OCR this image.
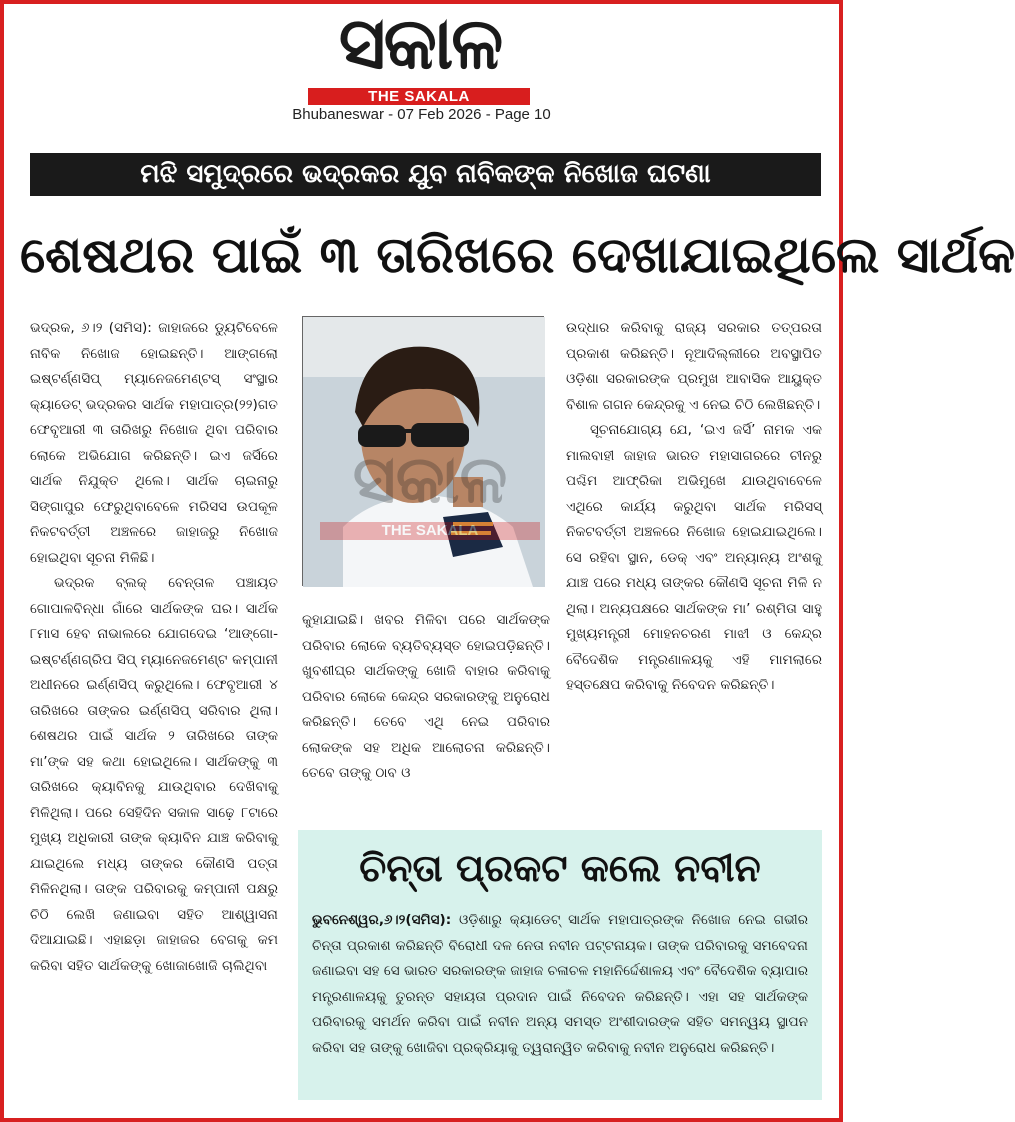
ସକାଳ
THE SAKALA
Bhubaneswar - 07 Feb 2026 - Page 10
ମଝି ସମୁଦ୍ରରେ ଭଦ୍ରକର ଯୁବ ନାବିକଙ୍କ ନିଖୋଜ ଘଟଣା
ଶେଷଥର ପାଇଁ ୩ ତାରିଖରେ ଦେଖାଯାଇଥିଲେ ସାର୍ଥକ

ଭଦ୍ରକ, ୬।୨ (ସମିସ): ଜାହାଜରେ ଡ୍ୟୁଟିବେଳେ ନାବିକ ନିଖୋଜ ହୋଇଛନ୍ତି। ଆଙ୍ଗଲୋ ଇଷ୍ଟର୍ଣ୍ଣସିପ୍ ମ୍ୟାନେଜମେଣ୍ଟସ୍ ସଂସ୍ଥାର କ୍ୟାଡେଟ୍ ଭଦ୍ରକର ସାର୍ଥକ ମହାପାତ୍ର(୨୨)ଗତ ଫେବୃଆରୀ ୩ ତାରିଖରୁ ନିଖୋଜ ଥିବା ପରିବାର ଲୋକେ ଅଭିଯୋଗ କରିଛନ୍ତି। ଇଏ ଜର୍ସିରେ ସାର୍ଥକ ନିଯୁକ୍ତ ଥିଲେ। ସାର୍ଥକ ଚାଇନାରୁ ସିଙ୍ଗାପୁର ଫେରୁଥିବାବେଳେ ମରିସସ ଉପକୂଳ ନିକଟବର୍ତ୍ତୀ ଅଞ୍ଚଳରେ ଜାହାଜରୁ ନିଖୋଜ ହୋଇଥିବା ସୂଚନା ମିଳିଛି।

ଭଦ୍ରକ ବ୍ଲକ୍ ବେନ୍ତାଳ ପଞ୍ଚାୟତ ଗୋପାଳବିନ୍ଧା ଗାଁରେ ସାର୍ଥକଙ୍କ ଘର। ସାର୍ଥକ ୮ମାସ ହେବ ନାଭାଲରେ ଯୋଗଦେଇ ‘ଆଙ୍ଗୋ-ଇଷ୍ଟର୍ଣ୍ଣଗ୍ରିପ ସିପ୍ ମ୍ୟାନେଜମେଣ୍ଟ କମ୍ପାନୀ ଅଧୀନରେ ଇର୍ଣ୍ଣସିପ୍ କରୁଥିଲେ। ଫେବୃଆରୀ ୪ ତାରିଖରେ ତାଙ୍କର ଇର୍ଣ୍ଣସିପ୍ ସରିବାର ଥିଲା। ଶେଷଥର ପାଇଁ ସାର୍ଥକ ୨ ତାରିଖରେ ତାଙ୍କ ମା’ଙ୍କ ସହ କଥା ହୋଇଥିଲେ। ସାର୍ଥକଙ୍କୁ ୩ ତାରିଖରେ କ୍ୟାବିନକୁ ଯାଉଥିବାର ଦେଖିବାକୁ ମିଳିଥିଲା। ପରେ ସେହିଦିନ ସକାଳ ସାଢ଼େ ୮ଟାରେ ମୁଖ୍ୟ ଅଧିକାରୀ ତାଙ୍କ କ୍ୟାବିନ ଯାଞ୍ଚ କରିବାକୁ ଯାଇଥିଲେ ମଧ୍ୟ ତାଙ୍କର କୌଣସି ପତ୍ତା ମିଳିନଥିଲା। ତାଙ୍କ ପରିବାରକୁ କମ୍ପାନୀ ପକ୍ଷରୁ ଚିଠି ଲେଖି ଜଣାଇବା ସହିତ ଆଶ୍ୱାସନା ଦିଆଯାଇଛି। ଏହାଛଡ଼ା ଜାହାଜର ବେଗକୁ କମ କରିବା ସହିତ ସାର୍ଥକଙ୍କୁ ଖୋଜାଖୋଜି ଚାଲିଥିବା

କୁହାଯାଇଛି। ଖବର ମିଳିବା ପରେ ସାର୍ଥକଙ୍କ ପରିବାର ଲୋକେ ବ୍ୟତିବ୍ୟସ୍ତ ହୋଇପଡ଼ିଛନ୍ତି। ଖୁବଶୀଘ୍ର ସାର୍ଥକଙ୍କୁ ଖୋଜି ବାହାର କରିବାକୁ ପରିବାର ଲୋକେ କେନ୍ଦ୍ର ସରକାରଙ୍କୁ ଅନୁରୋଧ କରିଛନ୍ତି। ତେବେ ଏଥି ନେଇ ପରିବାର ଲୋକଙ୍କ ସହ ଅଧିକ ଆଲୋଚନା କରିଛନ୍ତି। ତେବେ ତାଙ୍କୁ ଠାବ ଓ

ଉଦ୍ଧାର କରିବାକୁ ରାଜ୍ୟ ସରକାର ତତ୍ପରତା ପ୍ରକାଶ କରିଛନ୍ତି। ନୂଆଦିଲ୍ଲୀରେ ଅବସ୍ଥାପିତ ଓଡ଼ିଶା ସରକାରଙ୍କ ପ୍ରମୁଖ ଆବାସିକ ଆୟୁକ୍ତ ବିଶାଳ ଗଗନ କେନ୍ଦ୍ରକୁ ଏ ନେଇ ଚିଠି ଲେଖିଛନ୍ତି।

ସୂଚନାଯୋଗ୍ୟ ଯେ, ‘ଇଏ ଜର୍ସି’ ନାମକ ଏକ ମାଲବାହୀ ଜାହାଜ ଭାରତ ମହାସାଗରରେ ଚୀନରୁ ପଶ୍ଚିମ ଆଫ୍ରିକା ଅଭିମୁଖେ ଯାଉଥିବାବେଳେ ଏଥିରେ କାର୍ଯ୍ୟ କରୁଥିବା ସାର୍ଥକ ମରିସସ୍ ନିକଟବର୍ତ୍ତୀ ଅଞ୍ଚଳରେ ନିଖୋଜ ହୋଇଯାଇଥିଲେ। ସେ ରହିବା ସ୍ଥାନ, ଡେକ୍ ଏବଂ ଅନ୍ୟାନ୍ୟ ଅଂଶକୁ ଯାଞ୍ଚ ପରେ ମଧ୍ୟ ତାଙ୍କର କୌଣସି ସୂଚନା ମିଳି ନ ଥିଲା। ଅନ୍ୟପକ୍ଷରେ ସାର୍ଥକଙ୍କ ମା’ ରଶ୍ମିତା ସାହୁ ମୁଖ୍ୟମନ୍ତ୍ରୀ ମୋହନଚରଣ ମାଝୀ ଓ କେନ୍ଦ୍ର ବୈଦେଶିକ ମନ୍ତ୍ରଣାଳୟକୁ ଏହି ମାମଲାରେ ହସ୍ତକ୍ଷେପ କରିବାକୁ ନିବେଦନ କରିଛନ୍ତି।

ସକାଳ
THE SAKALA
ଚିନ୍ତା ପ୍ରକଟ କଲେ ନବୀନ
ଭୁବନେଶ୍ୱର,୬।୨(ସମିସ): ଓଡ଼ିଶାରୁ କ୍ୟାଡେଟ୍ ସାର୍ଥକ ମହାପାତ୍ରଙ୍କ ନିଖୋଜ ନେଇ ଗଭୀର ଚିନ୍ତା ପ୍ରକାଶ କରିଛନ୍ତି ବିରୋଧୀ ଦଳ ନେତା ନବୀନ ପଟ୍ଟନାୟକ। ତାଙ୍କ ପରିବାରକୁ ସମବେଦନା ଜଣାଇବା ସହ ସେ ଭାରତ ସରକାରଙ୍କ ଜାହାଜ ଚଳାଚଳ ମହାନିର୍ଦ୍ଦେଶାଳୟ ଏବଂ ବୈଦେଶିକ ବ୍ୟାପାର ମନ୍ତ୍ରଣାଳୟକୁ ତୁରନ୍ତ ସହାୟତା ପ୍ରଦାନ ପାଇଁ ନିବେଦନ କରିଛନ୍ତି। ଏହା ସହ ସାର୍ଥକଙ୍କ ପରିବାରକୁ ସମର୍ଥନ କରିବା ପାଇଁ ନବୀନ ଅନ୍ୟ ସମସ୍ତ ଅଂଶୀଦାରଙ୍କ ସହିତ ସମନ୍ୱୟ ସ୍ଥାପନ କରିବା ସହ ତାଙ୍କୁ ଖୋଜିବା ପ୍ରକ୍ରିୟାକୁ ତ୍ୱରାନ୍ୱିତ କରିବାକୁ ନବୀନ ଅନୁରୋଧ କରିଛନ୍ତି।
